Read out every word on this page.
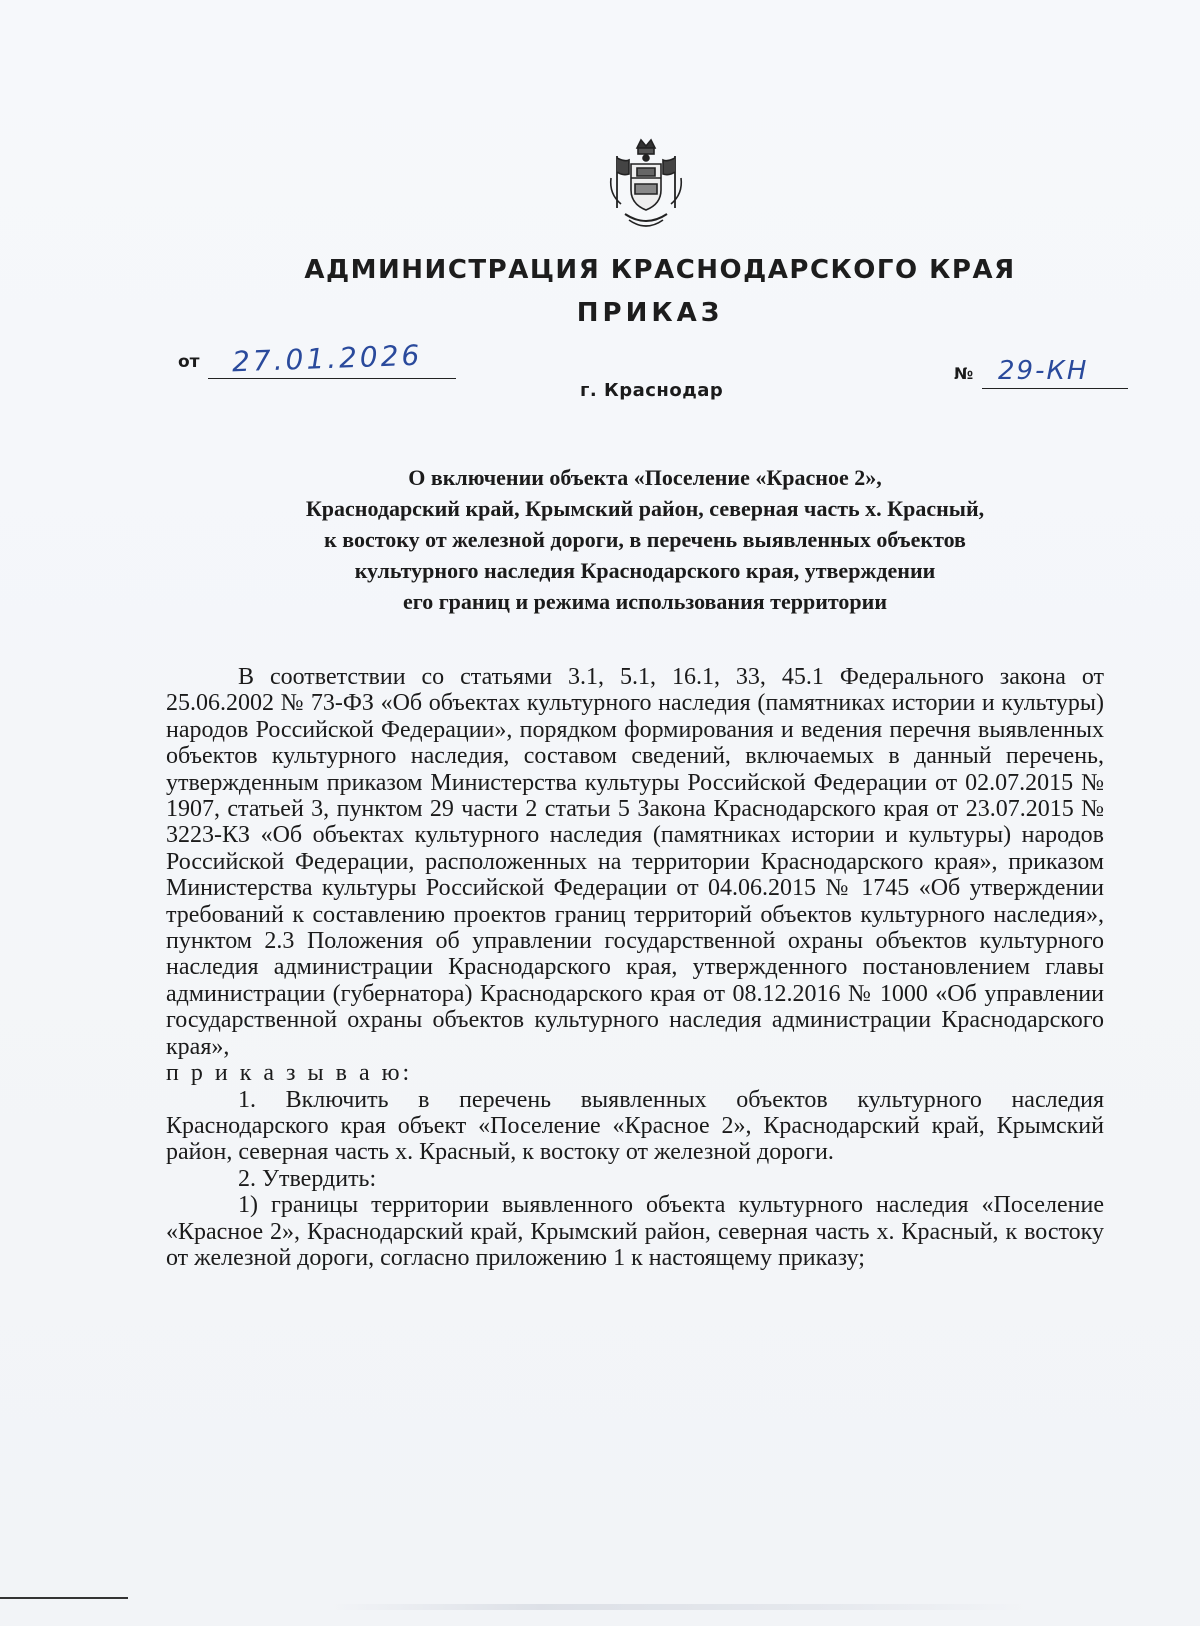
АДМИНИСТРАЦИЯ КРАСНОДАРСКОГО КРАЯ
ПРИКАЗ
от 27.01.2026
г. Краснодар
№ 29-КН
О включении объекта «Поселение «Красное 2»,
Краснодарский край, Крымский район, северная часть х. Красный,
к востоку от железной дороги, в перечень выявленных объектов
культурного наследия Краснодарского края, утверждении
его границ и режима использования территории

В соответствии со статьями 3.1, 5.1, 16.1, 33, 45.1 Федерального закона от 25.06.2002 № 73-ФЗ «Об объектах культурного наследия (памятниках истории и культуры) народов Российской Федерации», порядком формирования и ведения перечня выявленных объектов культурного наследия, составом сведений, включаемых в данный перечень, утвержденным приказом Министерства культуры Российской Федерации от 02.07.2015 № 1907, статьей 3, пунктом 29 части 2 статьи 5 Закона Краснодарского края от 23.07.2015 № 3223-КЗ «Об объектах культурного наследия (памятниках истории и культуры) народов Российской Федерации, расположенных на территории Краснодарского края», приказом Министерства культуры Российской Федерации от 04.06.2015 № 1745 «Об утверждении требований к составлению проектов границ территорий объектов культурного наследия», пунктом 2.3 Положения об управлении государственной охраны объектов культурного наследия администрации Краснодарского края, утвержденного постановлением главы администрации (губернатора) Краснодарского края от 08.12.2016 № 1000 «Об управлении государственной охраны объектов культурного наследия администрации Краснодарского края»,

п р и к а з ы в а ю:

1. Включить в перечень выявленных объектов культурного наследия Краснодарского края объект «Поселение «Красное 2», Краснодарский край, Крымский район, северная часть х. Красный, к востоку от железной дороги.

2. Утвердить:

1) границы территории выявленного объекта культурного наследия «Поселение «Красное 2», Краснодарский край, Крымский район, северная часть х. Красный, к востоку от железной дороги, согласно приложению 1 к настоящему приказу;
